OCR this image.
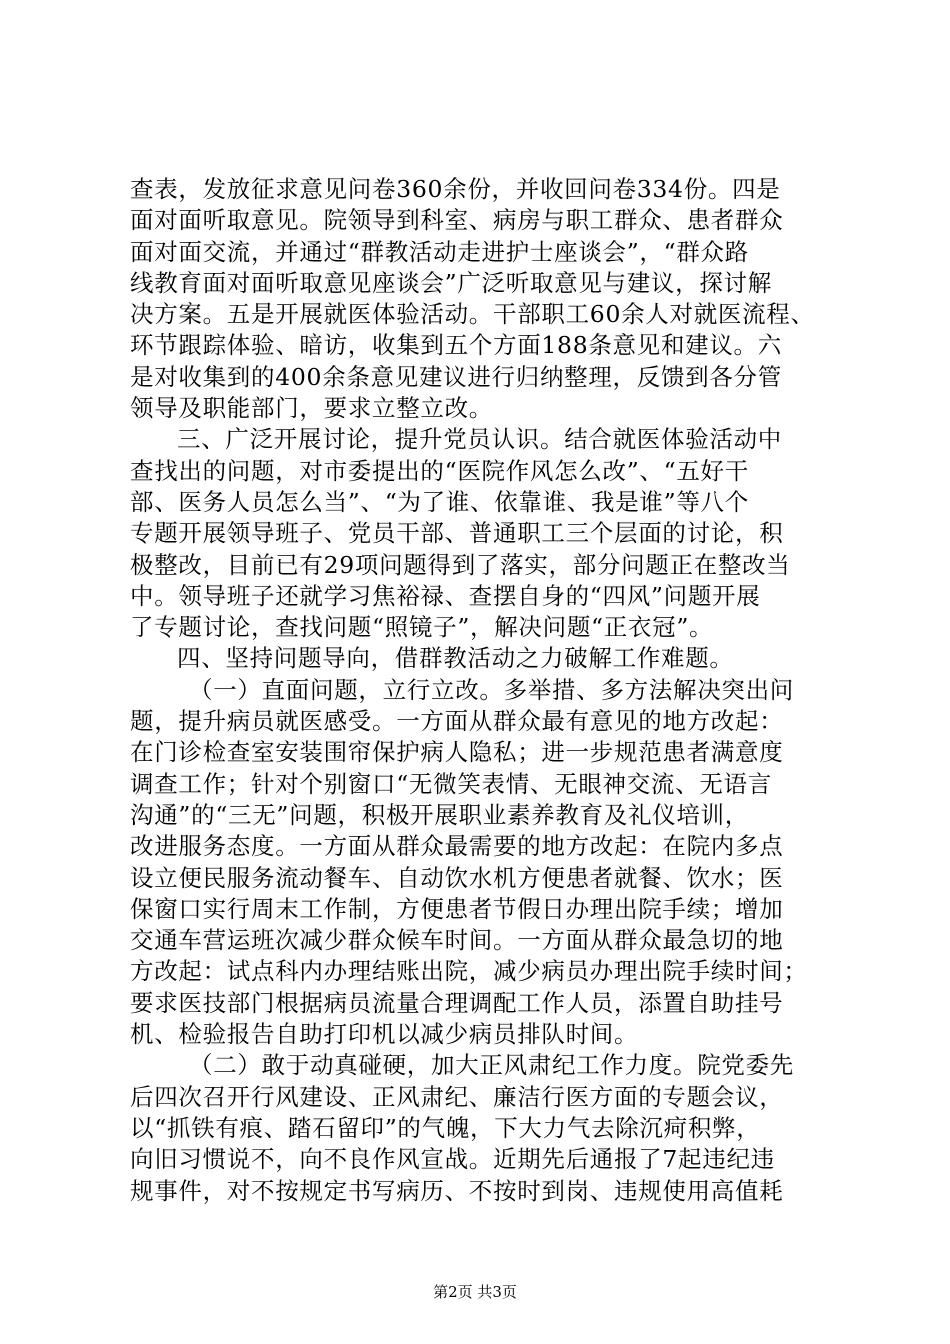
查表，发放征求意见问卷360余份，并收回问卷334份。四是
面对面听取意见。院领导到科室、病房与职工群众、患者群众
面对面交流，并通过“群教活动走进护士座谈会”，“群众路
线教育面对面听取意见座谈会”广泛听取意见与建议，探讨解
决方案。五是开展就医体验活动。干部职工60余人对就医流程、
环节跟踪体验、暗访，收集到五个方面188条意见和建议。六
是对收集到的400余条意见建议进行归纳整理，反馈到各分管
领导及职能部门，要求立整立改。
三、广泛开展讨论，提升党员认识。结合就医体验活动中
查找出的问题，对市委提出的“医院作风怎么改”、“五好干
部、医务人员怎么当”、“为了谁、依靠谁、我是谁”等八个
专题开展领导班子、党员干部、普通职工三个层面的讨论，积
极整改，目前已有29项问题得到了落实，部分问题正在整改当
中。领导班子还就学习焦裕禄、查摆自身的“四风”问题开展
了专题讨论，查找问题“照镜子”，解决问题“正衣冠”。
四、坚持问题导向，借群教活动之力破解工作难题。
（一）直面问题，立行立改。多举措、多方法解决突出问
题，提升病员就医感受。一方面从群众最有意见的地方改起：
在门诊检查室安装围帘保护病人隐私；进一步规范患者满意度
调查工作；针对个别窗口“无微笑表情、无眼神交流、无语言
沟通”的“三无”问题，积极开展职业素养教育及礼仪培训，
改进服务态度。一方面从群众最需要的地方改起：在院内多点
设立便民服务流动餐车、自动饮水机方便患者就餐、饮水；医
保窗口实行周末工作制，方便患者节假日办理出院手续；增加
交通车营运班次减少群众候车时间。一方面从群众最急切的地
方改起：试点科内办理结账出院，减少病员办理出院手续时间；
要求医技部门根据病员流量合理调配工作人员，添置自助挂号
机、检验报告自助打印机以减少病员排队时间。
（二）敢于动真碰硬，加大正风肃纪工作力度。院党委先
后四次召开行风建设、正风肃纪、廉洁行医方面的专题会议，
以“抓铁有痕、踏石留印”的气魄，下大力气去除沉疴积弊，
向旧习惯说不，向不良作风宣战。近期先后通报了7起违纪违
规事件，对不按规定书写病历、不按时到岗、违规使用高值耗
第2页 共3页
